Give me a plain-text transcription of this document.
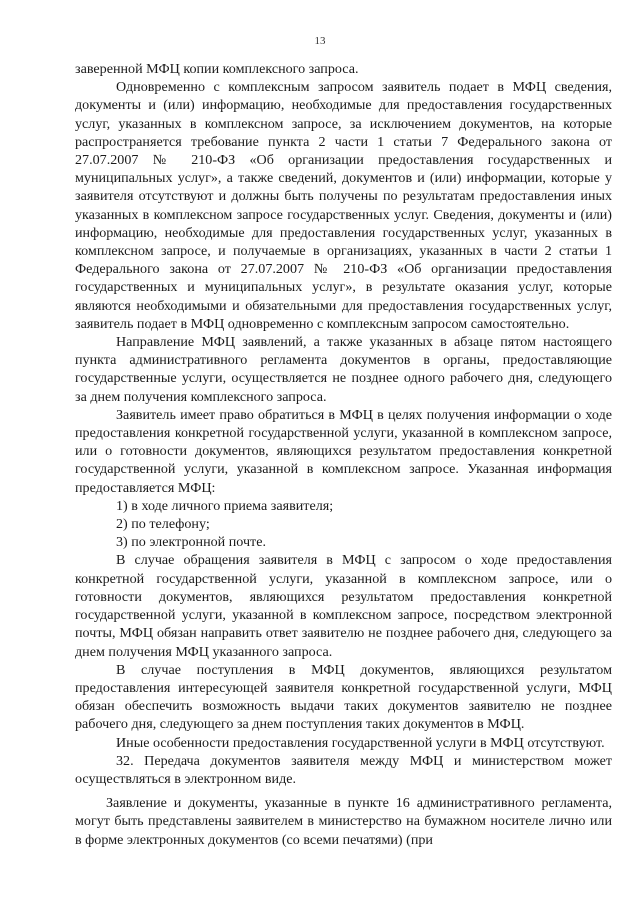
13

заверенной МФЦ копии комплексного запроса.

Одновременно с комплексным запросом заявитель подает в МФЦ сведения, документы и (или) информацию, необходимые для предоставления государственных услуг, указанных в комплексном запросе, за исключением документов, на которые распространяется требование пункта 2 части 1 статьи 7 Федерального закона от 27.07.2007 № 210-ФЗ «Об организации предоставления государственных и муниципальных услуг», а также сведений, документов и (или) информации, которые у заявителя отсутствуют и должны быть получены по результатам предоставления иных указанных в комплексном запросе государственных услуг. Сведения, документы и (или) информацию, необходимые для предоставления государственных услуг, указанных в комплексном запросе, и получаемые в организациях, указанных в части 2 статьи 1 Федерального закона от 27.07.2007 № 210-ФЗ «Об организации предоставления государственных и муниципальных услуг», в результате оказания услуг, которые являются необходимыми и обязательными для предоставления государственных услуг, заявитель подает в МФЦ одновременно с комплексным запросом самостоятельно.

Направление МФЦ заявлений, а также указанных в абзаце пятом настоящего пункта административного регламента документов в органы, предоставляющие государственные услуги, осуществляется не позднее одного рабочего дня, следующего за днем получения комплексного запроса.

Заявитель имеет право обратиться в МФЦ в целях получения информации о ходе предоставления конкретной государственной услуги, указанной в комплексном запросе, или о готовности документов, являющихся результатом предоставления конкретной государственной услуги, указанной в комплексном запросе. Указанная информация предоставляется МФЦ:

1) в ходе личного приема заявителя;

2) по телефону;

3) по электронной почте.

В случае обращения заявителя в МФЦ с запросом о ходе предоставления конкретной государственной услуги, указанной в комплексном запросе, или о готовности документов, являющихся результатом предоставления конкретной государственной услуги, указанной в комплексном запросе, посредством электронной почты, МФЦ обязан направить ответ заявителю не позднее рабочего дня, следующего за днем получения МФЦ указанного запроса.

В случае поступления в МФЦ документов, являющихся результатом предоставления интересующей заявителя конкретной государственной услуги, МФЦ обязан обеспечить возможность выдачи таких документов заявителю не позднее рабочего дня, следующего за днем поступления таких документов в МФЦ.

Иные особенности предоставления государственной услуги в МФЦ отсутствуют.

32. Передача документов заявителя между МФЦ и министерством может осуществляться в электронном виде.

Заявление и документы, указанные в пункте 16 административного регламента, могут быть представлены заявителем в министерство на бумажном носителе лично или в форме электронных документов (со всеми печатями) (при
